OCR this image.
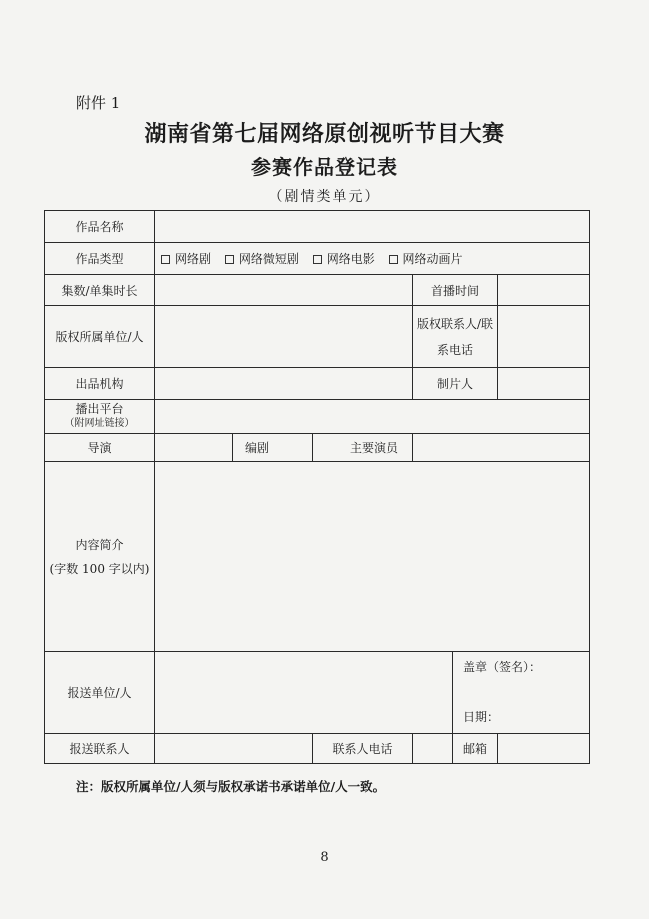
附件 1
湖南省第七届网络原创视听节目大赛
参赛作品登记表
（剧情类单元）
作品名称						
作品类型	网络剧 网络微短剧 网络电影 网络动画片					
集数/单集时长				首播时间		
版权所属单位/人				版权联系人/联
系电话		

出品机构				制片人		

播出平台
（附网址链接）						

导演		编剧	主要演员			

内容简介
(字数 100 字以内)						

报送单位/人					盖章（签名）：
日期：	

报送联系人			联系人电话		邮箱	
注：版权所属单位/人须与版权承诺书承诺单位/人一致。
8
